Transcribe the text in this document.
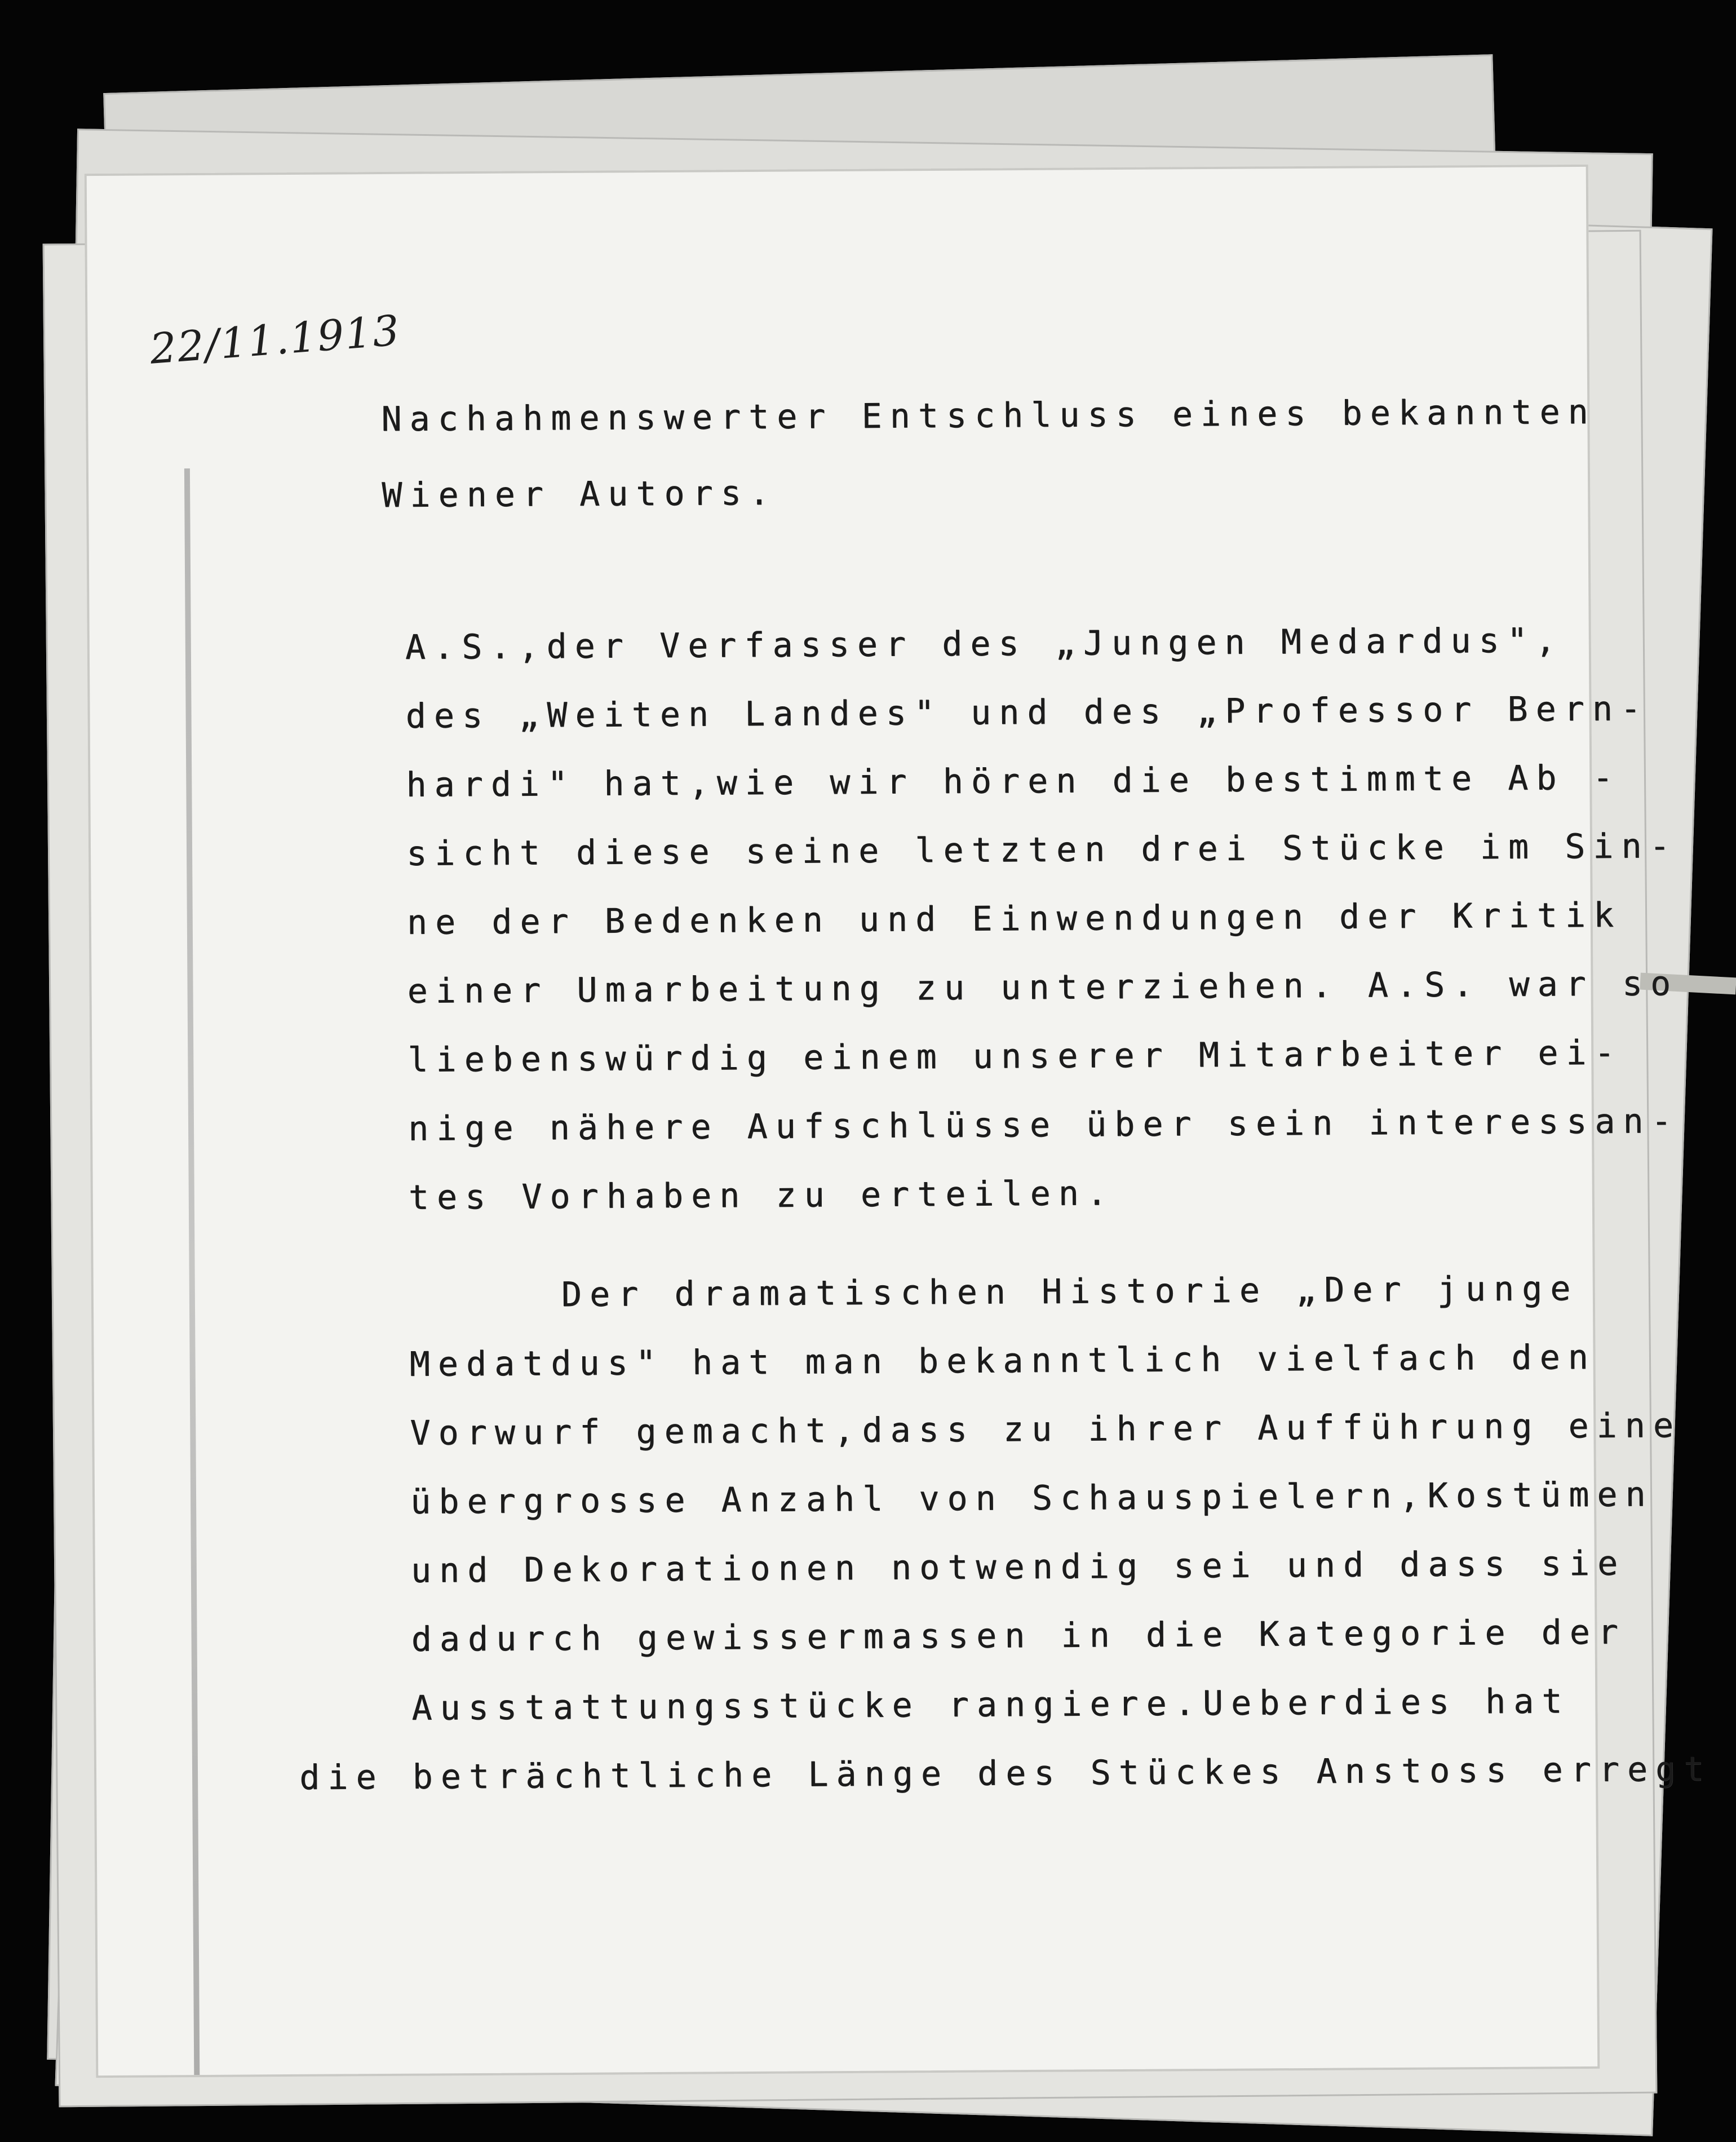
22/11.1913
Nachahmenswerter Entschluss eines bekannten
Wiener Autors.
A.S.,der Verfasser des „Jungen Medardus",
des „Weiten Landes" und des „Professor Bern-
hardi" hat,wie wir hören die bestimmte Ab -
sicht diese seine letzten drei Stücke im Sin-
ne der Bedenken und Einwendungen der Kritik
einer Umarbeitung zu unterziehen. A.S. war so
liebenswürdig einem unserer Mitarbeiter ei-
nige nähere Aufschlüsse über sein interessan-
tes Vorhaben zu erteilen.
Der dramatischen Historie „Der junge
Medatdus" hat man bekanntlich vielfach den
Vorwurf gemacht,dass zu ihrer Aufführung eine
übergrosse Anzahl von Schauspielern,Kostümen
und Dekorationen notwendig sei und dass sie
dadurch gewissermassen in die Kategorie der
Ausstattungsstücke rangiere.Ueberdies hat
die beträchtliche Länge des Stückes Anstoss erregt
